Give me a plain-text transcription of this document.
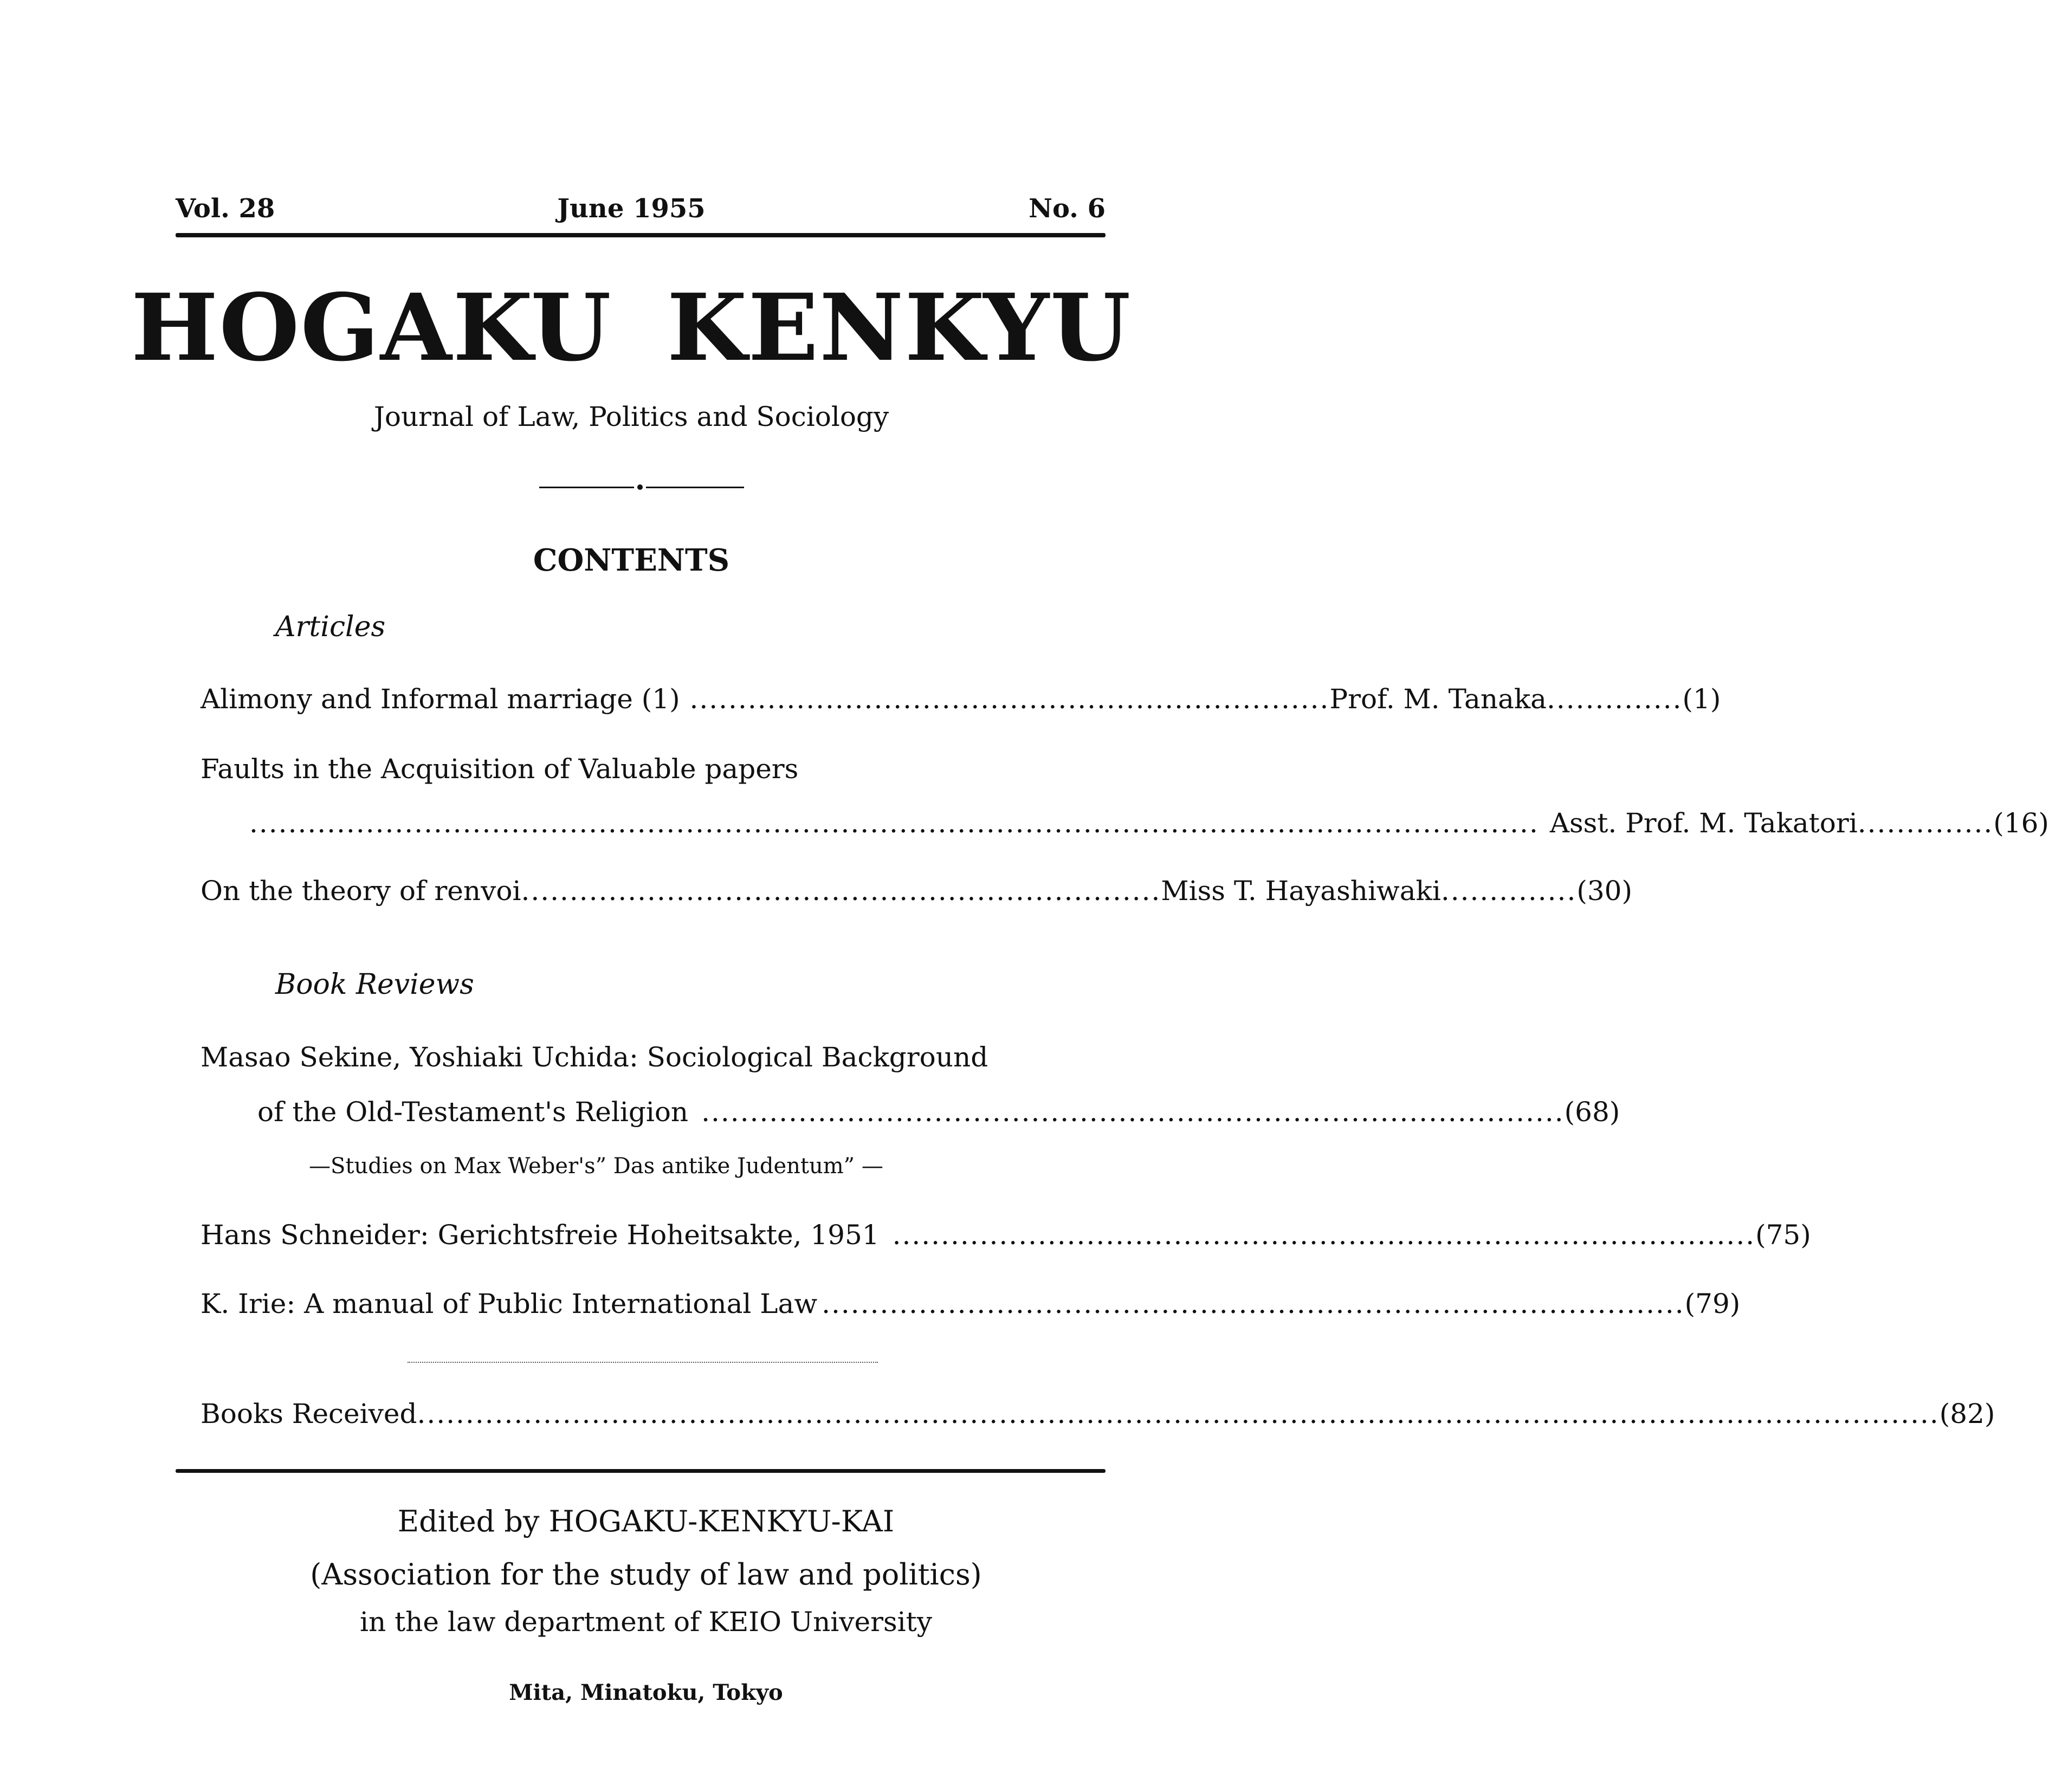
Vol. 28	June 1955	No. 6
HOGAKU KENKYU
Journal of Law, Politics and Sociology
CONTENTS
Articles
Alimony and Informal marriage (1) .................................................................. Prof. M. Tanaka .............. (1)
Faults in the Acquisition of Valuable papers
..................................................................................................................................... Asst. Prof. M. Takatori .............. (16)
On the theory of renvoi .................................................................. Miss T. Hayashiwaki .............. (30)
Book Reviews
Masao Sekine, Yoshiaki Uchida: Sociological Background
of the Old-Testament's Religion ......................................................................................... (68)
—Studies on Max Weber's” Das antike Judentum” —
Hans Schneider: Gerichtsfreie Hoheitsakte, 1951 ......................................................................................... (75)
K. Irie: A manual of Public International Law ......................................................................................... (79)
Books Received ............................................................................................................................................................. (82)
Edited by HOGAKU-KENKYU-KAI
(Association for the study of law and politics)
in the law department of KEIO University
Mita, Minatoku, Tokyo
